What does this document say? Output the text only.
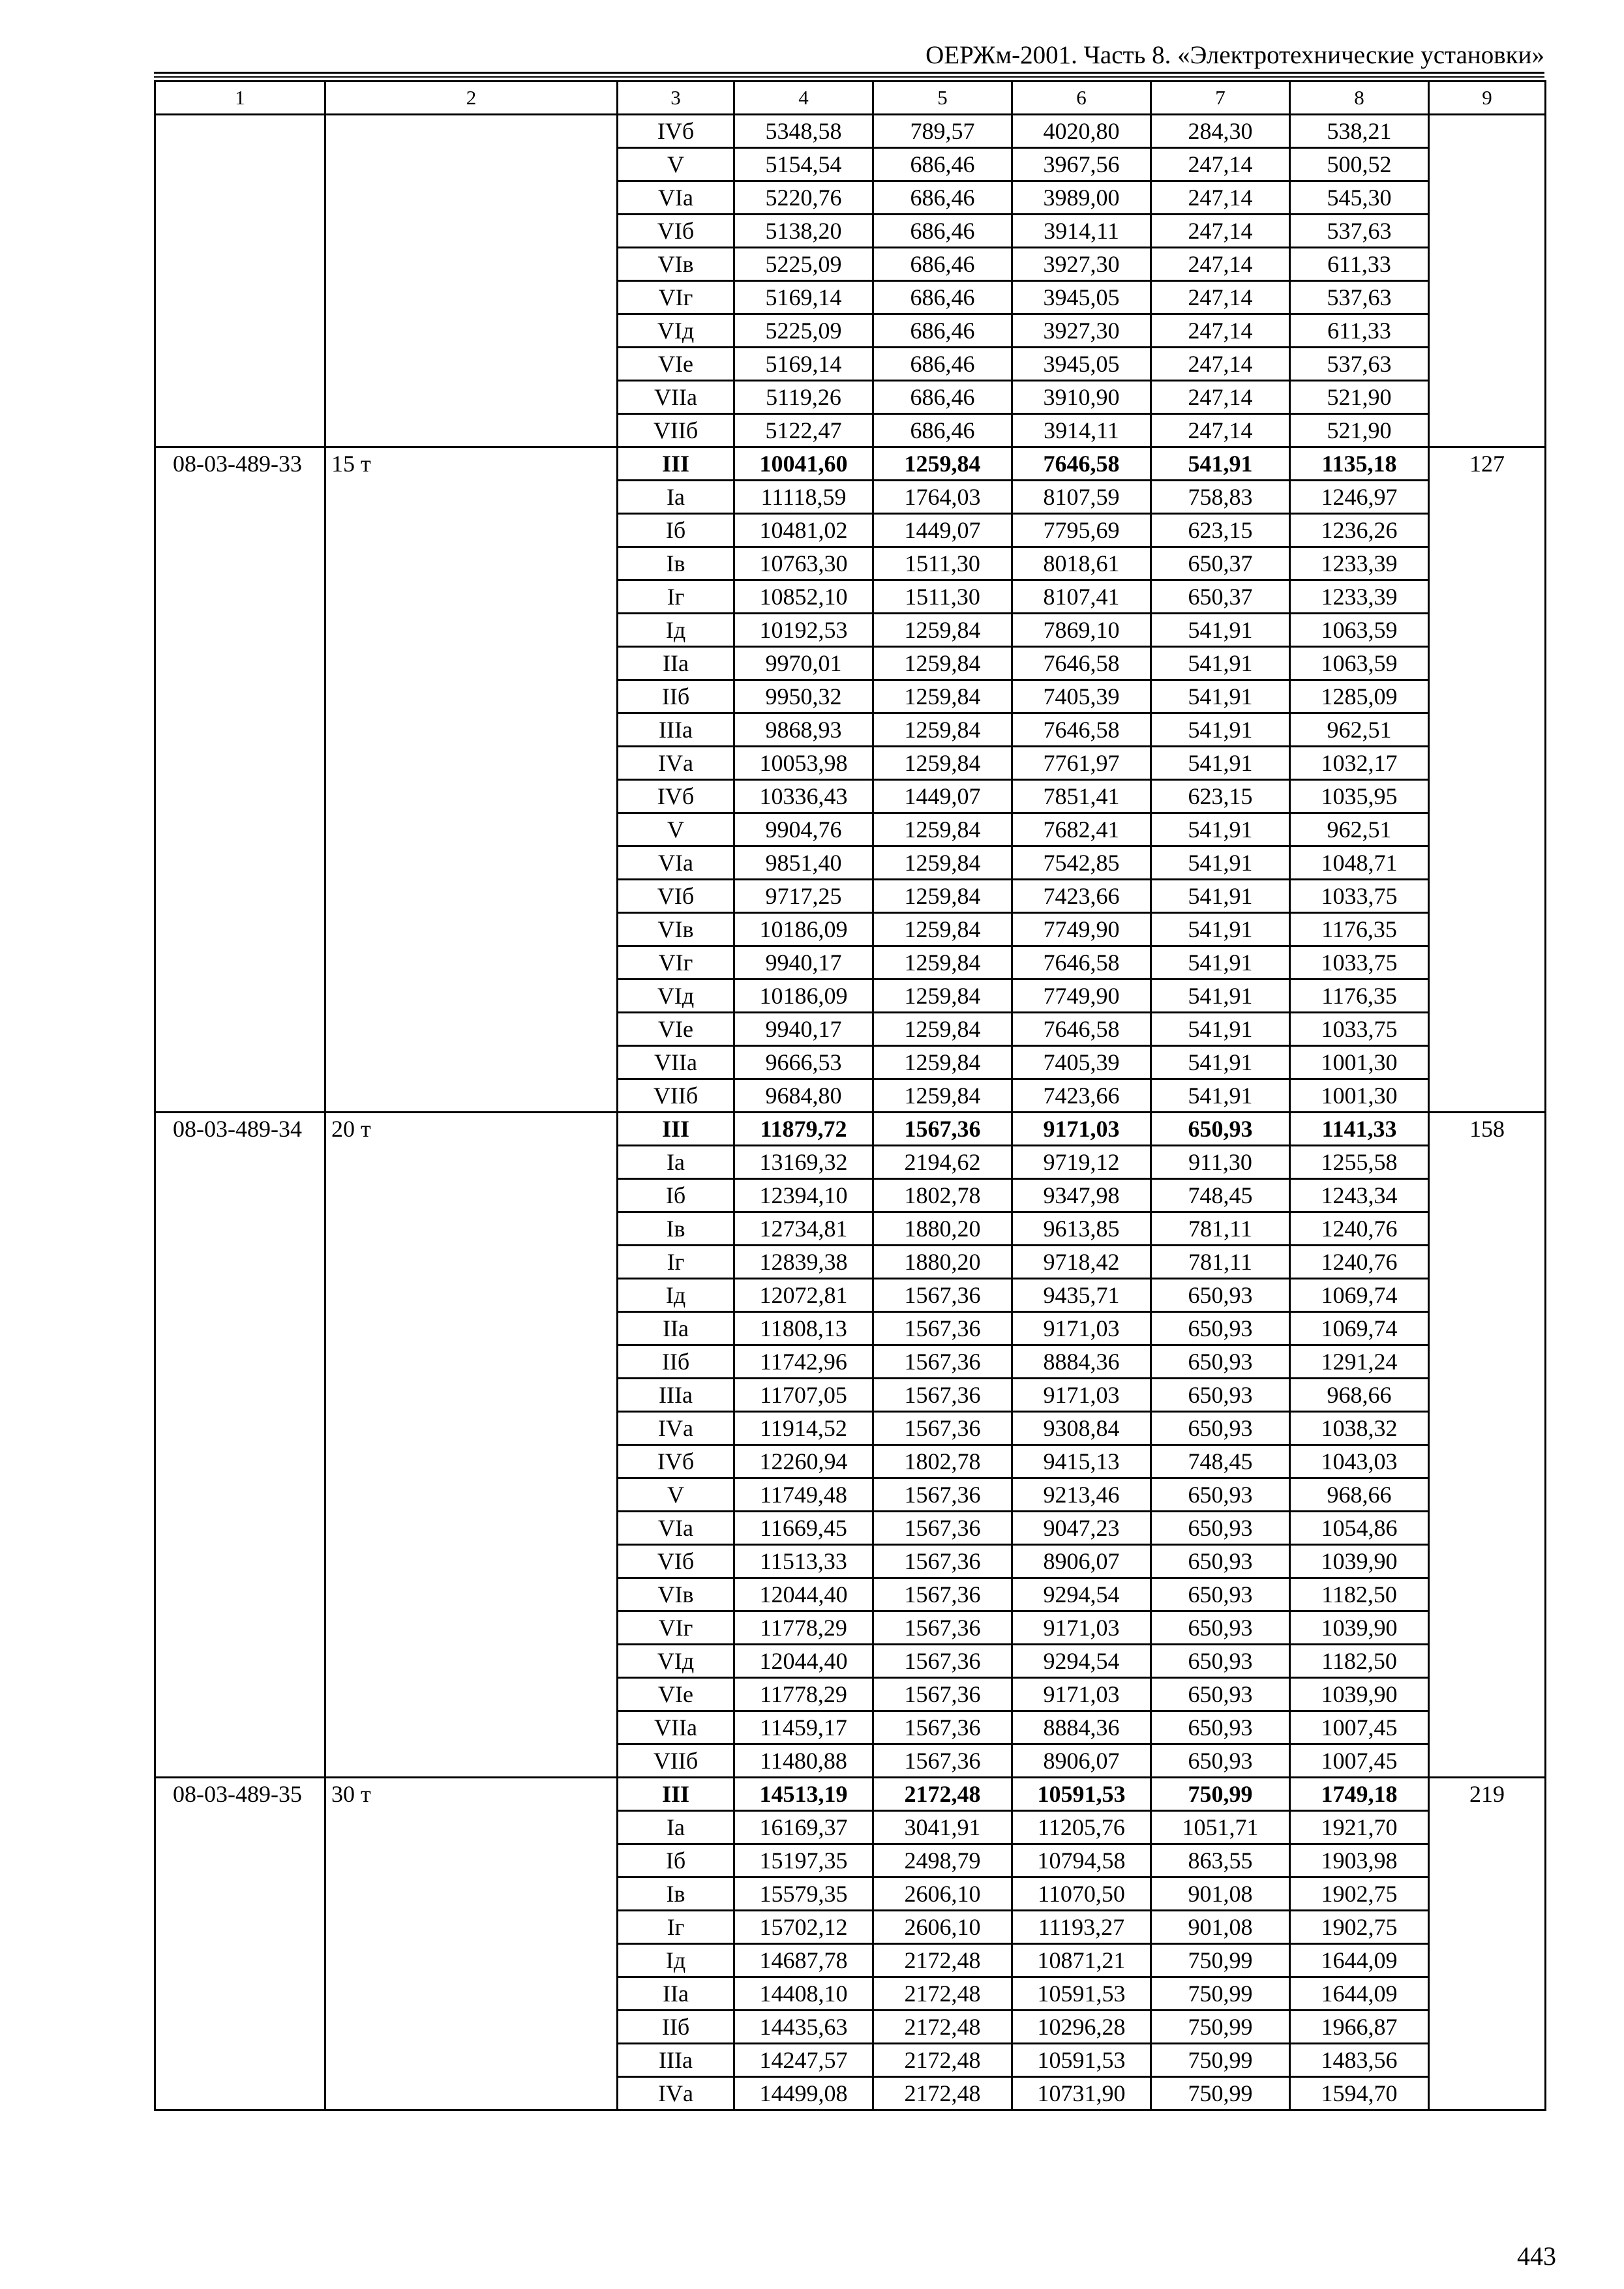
ОЕРЖм-2001. Часть 8. «Электротехнические установки»
1	2	3	4	5	6	7	8	9
		IVб	5348,58	789,57	4020,80	284,30	538,21	
		V	5154,54	686,46	3967,56	247,14	500,52	
		VIа	5220,76	686,46	3989,00	247,14	545,30	
		VIб	5138,20	686,46	3914,11	247,14	537,63	
		VIв	5225,09	686,46	3927,30	247,14	611,33	
		VIг	5169,14	686,46	3945,05	247,14	537,63	
		VIд	5225,09	686,46	3927,30	247,14	611,33	
		VIе	5169,14	686,46	3945,05	247,14	537,63	
		VIIа	5119,26	686,46	3910,90	247,14	521,90	
		VIIб	5122,47	686,46	3914,11	247,14	521,90	
08-03-489-33	15 т	III	10041,60	1259,84	7646,58	541,91	1135,18	127
		Iа	11118,59	1764,03	8107,59	758,83	1246,97	
		Iб	10481,02	1449,07	7795,69	623,15	1236,26	
		Iв	10763,30	1511,30	8018,61	650,37	1233,39	
		Iг	10852,10	1511,30	8107,41	650,37	1233,39	
		Iд	10192,53	1259,84	7869,10	541,91	1063,59	
		IIа	9970,01	1259,84	7646,58	541,91	1063,59	
		IIб	9950,32	1259,84	7405,39	541,91	1285,09	
		IIIа	9868,93	1259,84	7646,58	541,91	962,51	
		IVа	10053,98	1259,84	7761,97	541,91	1032,17	
		IVб	10336,43	1449,07	7851,41	623,15	1035,95	
		V	9904,76	1259,84	7682,41	541,91	962,51	
		VIа	9851,40	1259,84	7542,85	541,91	1048,71	
		VIб	9717,25	1259,84	7423,66	541,91	1033,75	
		VIв	10186,09	1259,84	7749,90	541,91	1176,35	
		VIг	9940,17	1259,84	7646,58	541,91	1033,75	
		VIд	10186,09	1259,84	7749,90	541,91	1176,35	
		VIе	9940,17	1259,84	7646,58	541,91	1033,75	
		VIIа	9666,53	1259,84	7405,39	541,91	1001,30	
		VIIб	9684,80	1259,84	7423,66	541,91	1001,30	
08-03-489-34	20 т	III	11879,72	1567,36	9171,03	650,93	1141,33	158
		Iа	13169,32	2194,62	9719,12	911,30	1255,58	
		Iб	12394,10	1802,78	9347,98	748,45	1243,34	
		Iв	12734,81	1880,20	9613,85	781,11	1240,76	
		Iг	12839,38	1880,20	9718,42	781,11	1240,76	
		Iд	12072,81	1567,36	9435,71	650,93	1069,74	
		IIа	11808,13	1567,36	9171,03	650,93	1069,74	
		IIб	11742,96	1567,36	8884,36	650,93	1291,24	
		IIIа	11707,05	1567,36	9171,03	650,93	968,66	
		IVа	11914,52	1567,36	9308,84	650,93	1038,32	
		IVб	12260,94	1802,78	9415,13	748,45	1043,03	
		V	11749,48	1567,36	9213,46	650,93	968,66	
		VIа	11669,45	1567,36	9047,23	650,93	1054,86	
		VIб	11513,33	1567,36	8906,07	650,93	1039,90	
		VIв	12044,40	1567,36	9294,54	650,93	1182,50	
		VIг	11778,29	1567,36	9171,03	650,93	1039,90	
		VIд	12044,40	1567,36	9294,54	650,93	1182,50	
		VIе	11778,29	1567,36	9171,03	650,93	1039,90	
		VIIа	11459,17	1567,36	8884,36	650,93	1007,45	
		VIIб	11480,88	1567,36	8906,07	650,93	1007,45	
08-03-489-35	30 т	III	14513,19	2172,48	10591,53	750,99	1749,18	219
		Iа	16169,37	3041,91	11205,76	1051,71	1921,70	
		Iб	15197,35	2498,79	10794,58	863,55	1903,98	
		Iв	15579,35	2606,10	11070,50	901,08	1902,75	
		Iг	15702,12	2606,10	11193,27	901,08	1902,75	
		Iд	14687,78	2172,48	10871,21	750,99	1644,09	
		IIа	14408,10	2172,48	10591,53	750,99	1644,09	
		IIб	14435,63	2172,48	10296,28	750,99	1966,87	
		IIIа	14247,57	2172,48	10591,53	750,99	1483,56	
		IVа	14499,08	2172,48	10731,90	750,99	1594,70	
443
